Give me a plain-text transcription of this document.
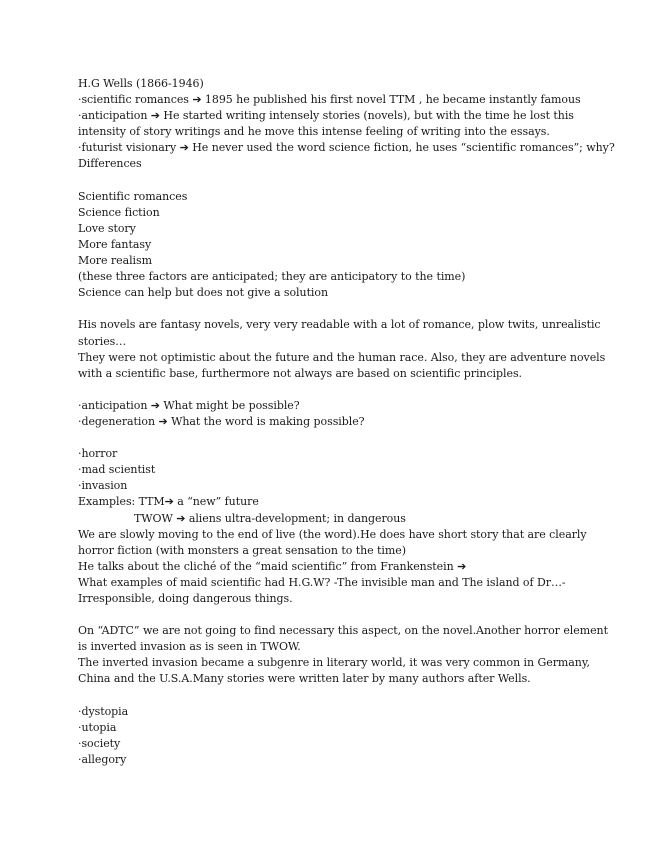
H.G Wells (1866-1946)

·scientific romances ➔ 1895 he published his first novel TTM , he became instantly famous

·anticipation ➔ He started writing intensely stories (novels), but with the time he lost this

intensity of story writings and he move this intense feeling of writing into the essays.

·futurist visionary ➔ He never used the word science fiction, he uses “scientific romances”; why?

Differences

Scientific romances

Science fiction

Love story

More fantasy

More realism

(these three factors are anticipated; they are anticipatory to the time)

Science can help but does not give a solution

His novels are fantasy novels, very very readable with a lot of romance, plow twits, unrealistic

stories…

They were not optimistic about the future and the human race. Also, they are adventure novels

with a scientific base, furthermore not always are based on scientific principles.

·anticipation ➔ What might be possible?

·degeneration ➔ What the word is making possible?

·horror

·mad scientist

·invasion

Examples: TTM➔ a “new” future

TWOW ➔ aliens ultra-development; in dangerous

We are slowly moving to the end of live (the word).He does have short story that are clearly

horror fiction (with monsters a great sensation to the time)

He talks about the cliché of the “maid scientific” from Frankenstein ➔

What examples of maid scientific had H.G.W? -The invisible man and The island of Dr…-

Irresponsible, doing dangerous things.

On “ADTC” we are not going to find necessary this aspect, on the novel.Another horror element

is inverted invasion as is seen in TWOW.

The inverted invasion became a subgenre in literary world, it was very common in Germany,

China and the U.S.A.Many stories were written later by many authors after Wells.

·dystopia

·utopia

·society

·allegory
